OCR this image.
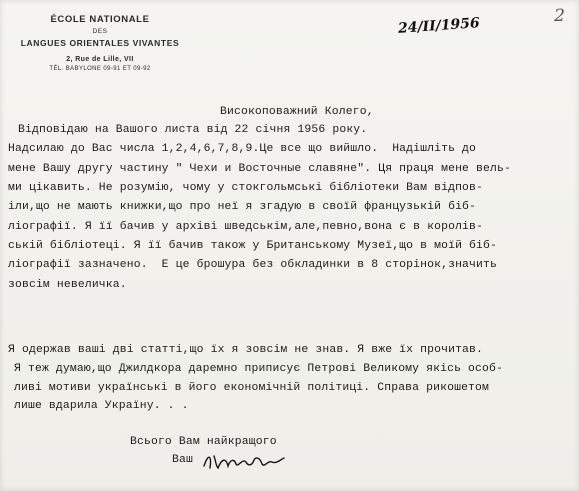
2
ÉCOLE NATIONALE
DES
LANGUES ORIENTALES VIVANTES
2, Rue de Lille, VII
TÉL. BABYLONE 09-91 ET 09-92
24/II/1956
Високоповажний Колего,
Відповідаю на Вашого листа від 22 січня 1956 року.
Надсилаю до Вас числа 1,2,4,6,7,8,9.Це все що вийшло.  Надішліть до
мене Вашу другу частину " Чехи и Восточные славяне". Ця праця мене вель-
ми цікавить. Не розумію, чому у стокгольмські бібліотеки Вам відпов-
іли,що не мають книжки,що про неї я згадую в своїй французькій біб-
ліографії. Я її бачив у архіві шведськім,але,певно,вона є в королів-
ській бібліотеці. Я її бачив також у Британському Музеї,що в моїй біб-
ліографії зазначено.  Е це брошура без обкладинки в 8 сторінок,значить
зовсім невеличка.
Я одержав ваші дві статті,що їх я зовсім не знав. Я вже їх прочитав.
Я теж думаю,що Джилдкора даремно приписує Петрові Великому якісь особ-
ливі мотиви українські в його економічній політиці. Справа рикошетом
лише вдарила Україну. . .
Всього Вам найкращого
Ваш
